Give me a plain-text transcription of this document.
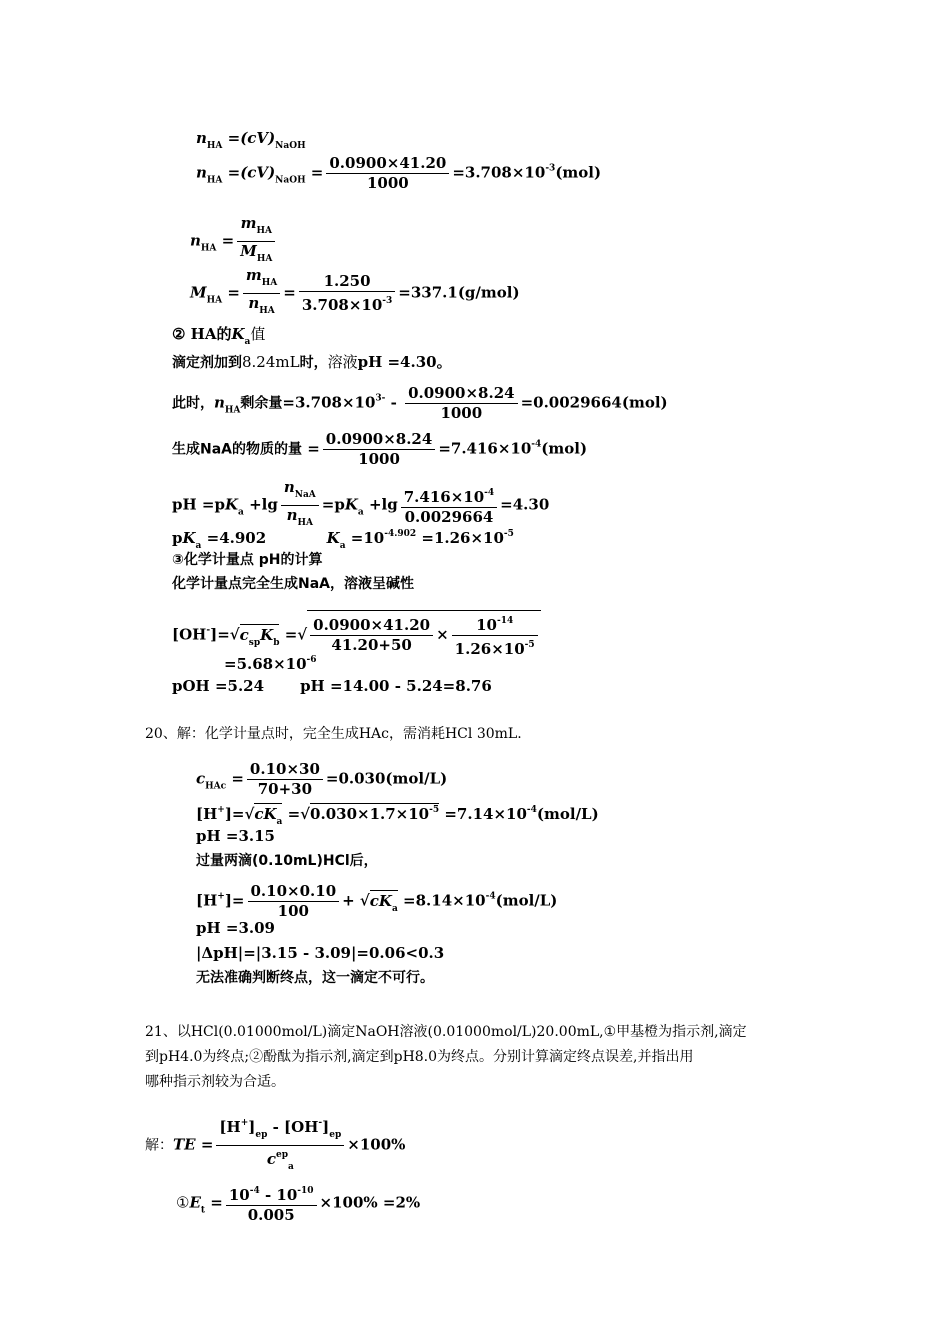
$n_{HA} =(cV)_{NaOH}$
$n_{HA} =(cV)_{NaOH} = \frac{0.0900\times 41.20}{1000} =3.708\times 10^{-3}(mol)$
$n_{HA} = \frac{m_{HA}}{M_{HA}}$
$M_{HA} = \frac{m_{HA}}{n_{HA}} = \frac{1.250}{3.708\times 10^{-3}} =337.1(g/mol)$
② HA的$K_a$值
滴定剂加到8.24mL时，溶液pH =4.30。
此时，$n_{HA}$剩余量$=3.708\times 10^{3-} - \frac{0.0900\times 8.24}{1000} =0.0029664(mol)$
生成NaA的物质的量 = $\frac{0.0900\times 8.24}{1000} =7.416\times 10^{-4}(mol)$
pH $=pK_a +\lg \frac{n_{NaA}}{n_{HA}} =pK_a +\lg \frac{7.416\times 10^{-4}}{0.0029664} =4.30$
$pK_a =4.902$	$K_a =10^{-4.902} =1.26\times 10^{-5}$
③化学计量点 pH的计算
化学计量点完全生成NaA，溶液呈碱性
$[OH^-]=√c_{sp}K_b$ =√ $\frac{0.0900\times 41.20}{41.20+50} \times \frac{10^{-14}}{1.26\times 10^{-5}}$
$=5.68\times 10^{-6}$
pOH =5.24 pH =14.00 - 5.24=8.76
20、解：化学计量点时，完全生成HAc，需消耗HCl 30mL.
$c_{HAc} = \frac{0.10\times 30}{70+30} =0.030(mol/L)$
$[H^+]=√cK_a =√0.030\times 1.7\times 10^{-5} =7.14\times 10^{-4}(mol/L)$
pH =3.15
过量两滴(0.10mL)HCl后，
$[H^+]= \frac{0.10\times 0.10}{100} + √cK_a =8.14\times 10^{-4}(mol/L)$
pH =3.09
|ΔpH|=|3.15 - 3.09|=0.06<0.3
无法准确判断终点，这一滴定不可行。
21、以HCl(0.01000mol/L)滴定NaOH溶液(0.01000mol/L)20.00mL,①甲基橙为指示剂,滴定
到pH4.0为终点;②酚酞为指示剂,滴定到pH8.0为终点。分别计算滴定终点误差,并指出用
哪种指示剂较为合适。
解：TE = $\frac{[H^+]_{ep} - [OH^-]_{ep}}{c^{ep}_a} \times 100\%$
$①E_t = \frac{10^{-4} - 10^{-10}}{0.005} \times 100\% =2\%$
